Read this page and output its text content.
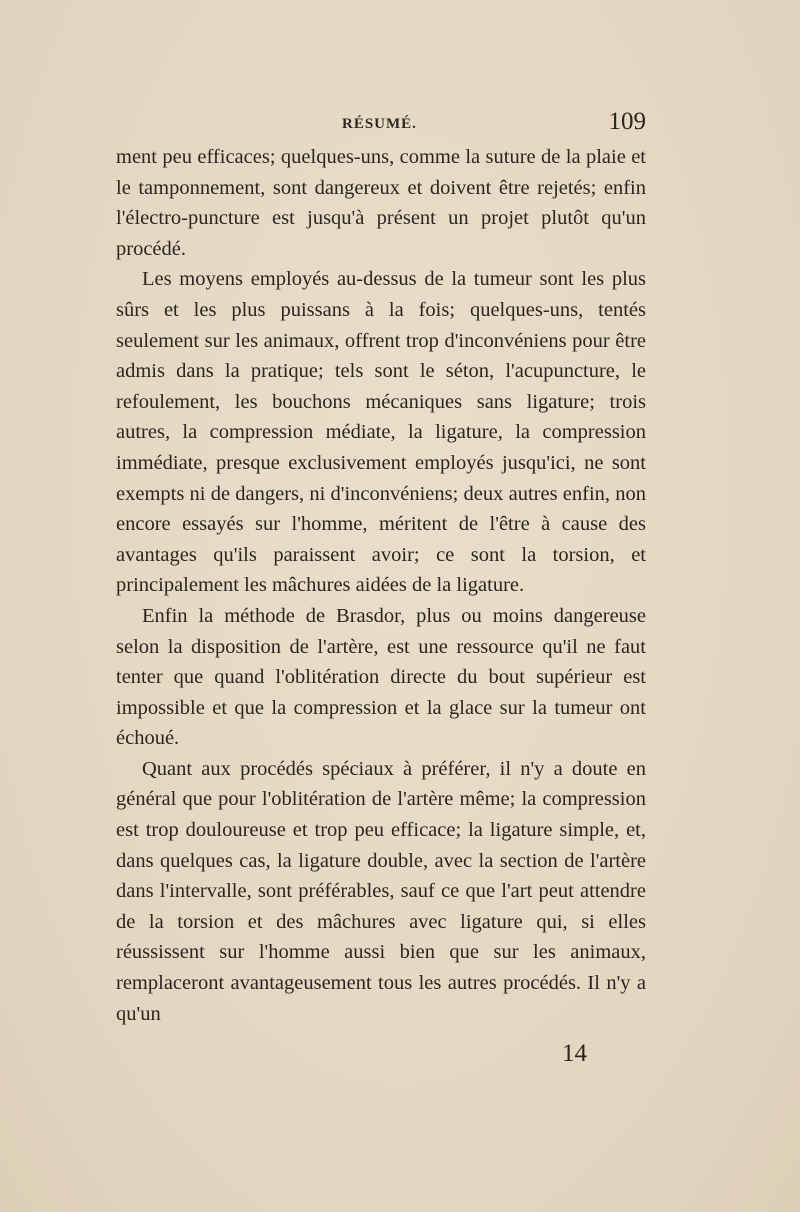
RÉSUMÉ.	109

ment peu efficaces; quelques-uns, comme la suture de la plaie et le tamponnement, sont dangereux et doivent être rejetés; enfin l'électro-puncture est jusqu'à présent un projet plutôt qu'un procédé.

Les moyens employés au-dessus de la tumeur sont les plus sûrs et les plus puissans à la fois; quelques-uns, tentés seulement sur les animaux, offrent trop d'inconvéniens pour être admis dans la pratique; tels sont le séton, l'acupuncture, le refoulement, les bouchons mécaniques sans ligature; trois autres, la compression médiate, la ligature, la compression immédiate, presque exclusivement employés jusqu'ici, ne sont exempts ni de dangers, ni d'inconvéniens; deux autres enfin, non encore essayés sur l'homme, méritent de l'être à cause des avantages qu'ils paraissent avoir; ce sont la torsion, et principalement les mâchures aidées de la ligature.

Enfin la méthode de Brasdor, plus ou moins dangereuse selon la disposition de l'artère, est une ressource qu'il ne faut tenter que quand l'oblitération directe du bout supérieur est impossible et que la compression et la glace sur la tumeur ont échoué.

Quant aux procédés spéciaux à préférer, il n'y a doute en général que pour l'oblitération de l'artère même; la compression est trop douloureuse et trop peu efficace; la ligature simple, et, dans quelques cas, la ligature double, avec la section de l'artère dans l'intervalle, sont préférables, sauf ce que l'art peut attendre de la torsion et des mâchures avec ligature qui, si elles réussissent sur l'homme aussi bien que sur les animaux, remplaceront avantageusement tous les autres procédés. Il n'y a qu'un

14
